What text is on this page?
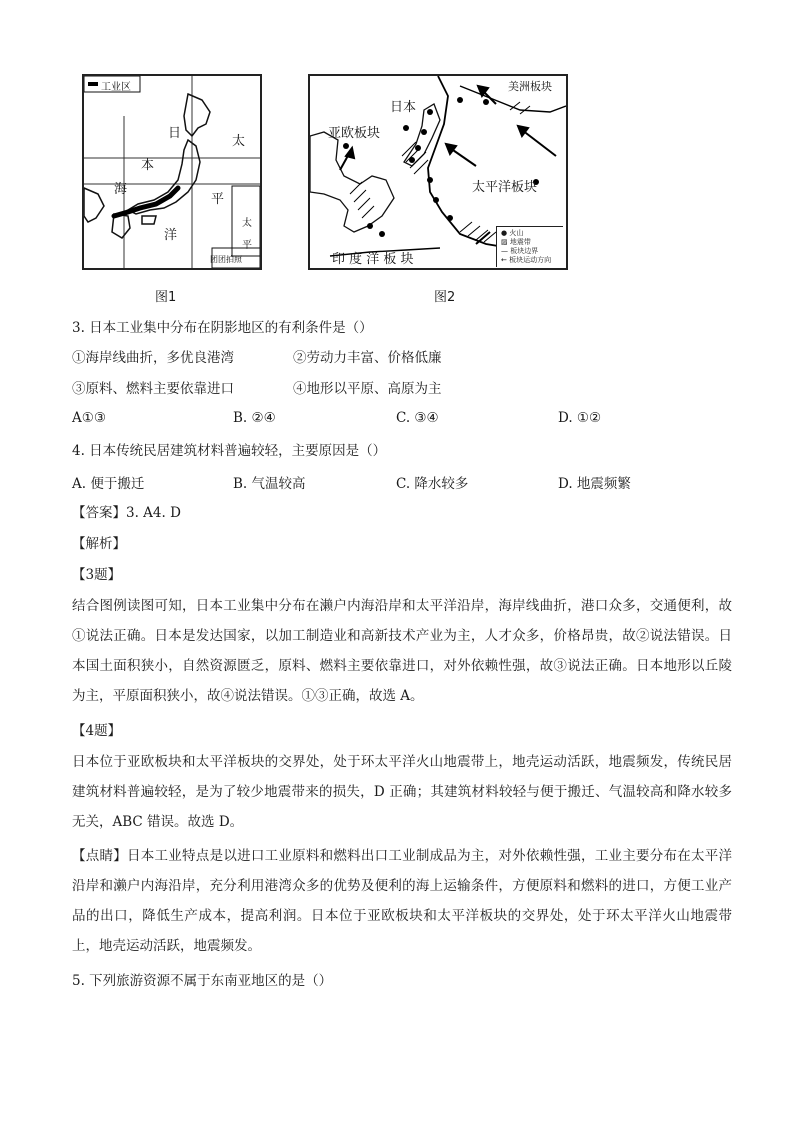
工业区
日
本
海
太
平
洋
太
平
团团拍照
图1
日本
亚欧板块
美洲板块
太平洋板块
印 度 洋 板 块
● 火山
▨ 地震带
— 板块边界
← 板块运动方向
图2
3. 日本工业集中分布在阴影地区的有利条件是（）
①海岸线曲折，多优良港湾	②劳动力丰富、价格低廉
③原料、燃料主要依靠进口	④地形以平原、高原为主
A①③	B. ②④	C. ③④	D. ①②
4. 日本传统民居建筑材料普遍较轻，主要原因是（）
A. 便于搬迁	B. 气温较高	C. 降水较多	D. 地震频繁
【答案】3. A4. D
【解析】
【3题】
结合图例读图可知，日本工业集中分布在濑户内海沿岸和太平洋沿岸，海岸线曲折，港口众多，交通便利，故①说法正确。日本是发达国家，以加工制造业和高新技术产业为主，人才众多，价格昂贵，故②说法错误。日本国土面积狭小，自然资源匮乏，原料、燃料主要依靠进口，对外依赖性强，故③说法正确。日本地形以丘陵为主，平原面积狭小，故④说法错误。①③正确，故选 A。
【4题】
日本位于亚欧板块和太平洋板块的交界处，处于环太平洋火山地震带上，地壳运动活跃，地震频发，传统民居建筑材料普遍较轻，是为了较少地震带来的损失，D 正确；其建筑材料较轻与便于搬迁、气温较高和降水较多无关，ABC 错误。故选 D。
【点睛】日本工业特点是以进口工业原料和燃料出口工业制成品为主，对外依赖性强，工业主要分布在太平洋沿岸和濑户内海沿岸，充分利用港湾众多的优势及便利的海上运输条件，方便原料和燃料的进口，方便工业产品的出口，降低生产成本，提高利润。日本位于亚欧板块和太平洋板块的交界处，处于环太平洋火山地震带上，地壳运动活跃，地震频发。
5. 下列旅游资源不属于东南亚地区的是（）
